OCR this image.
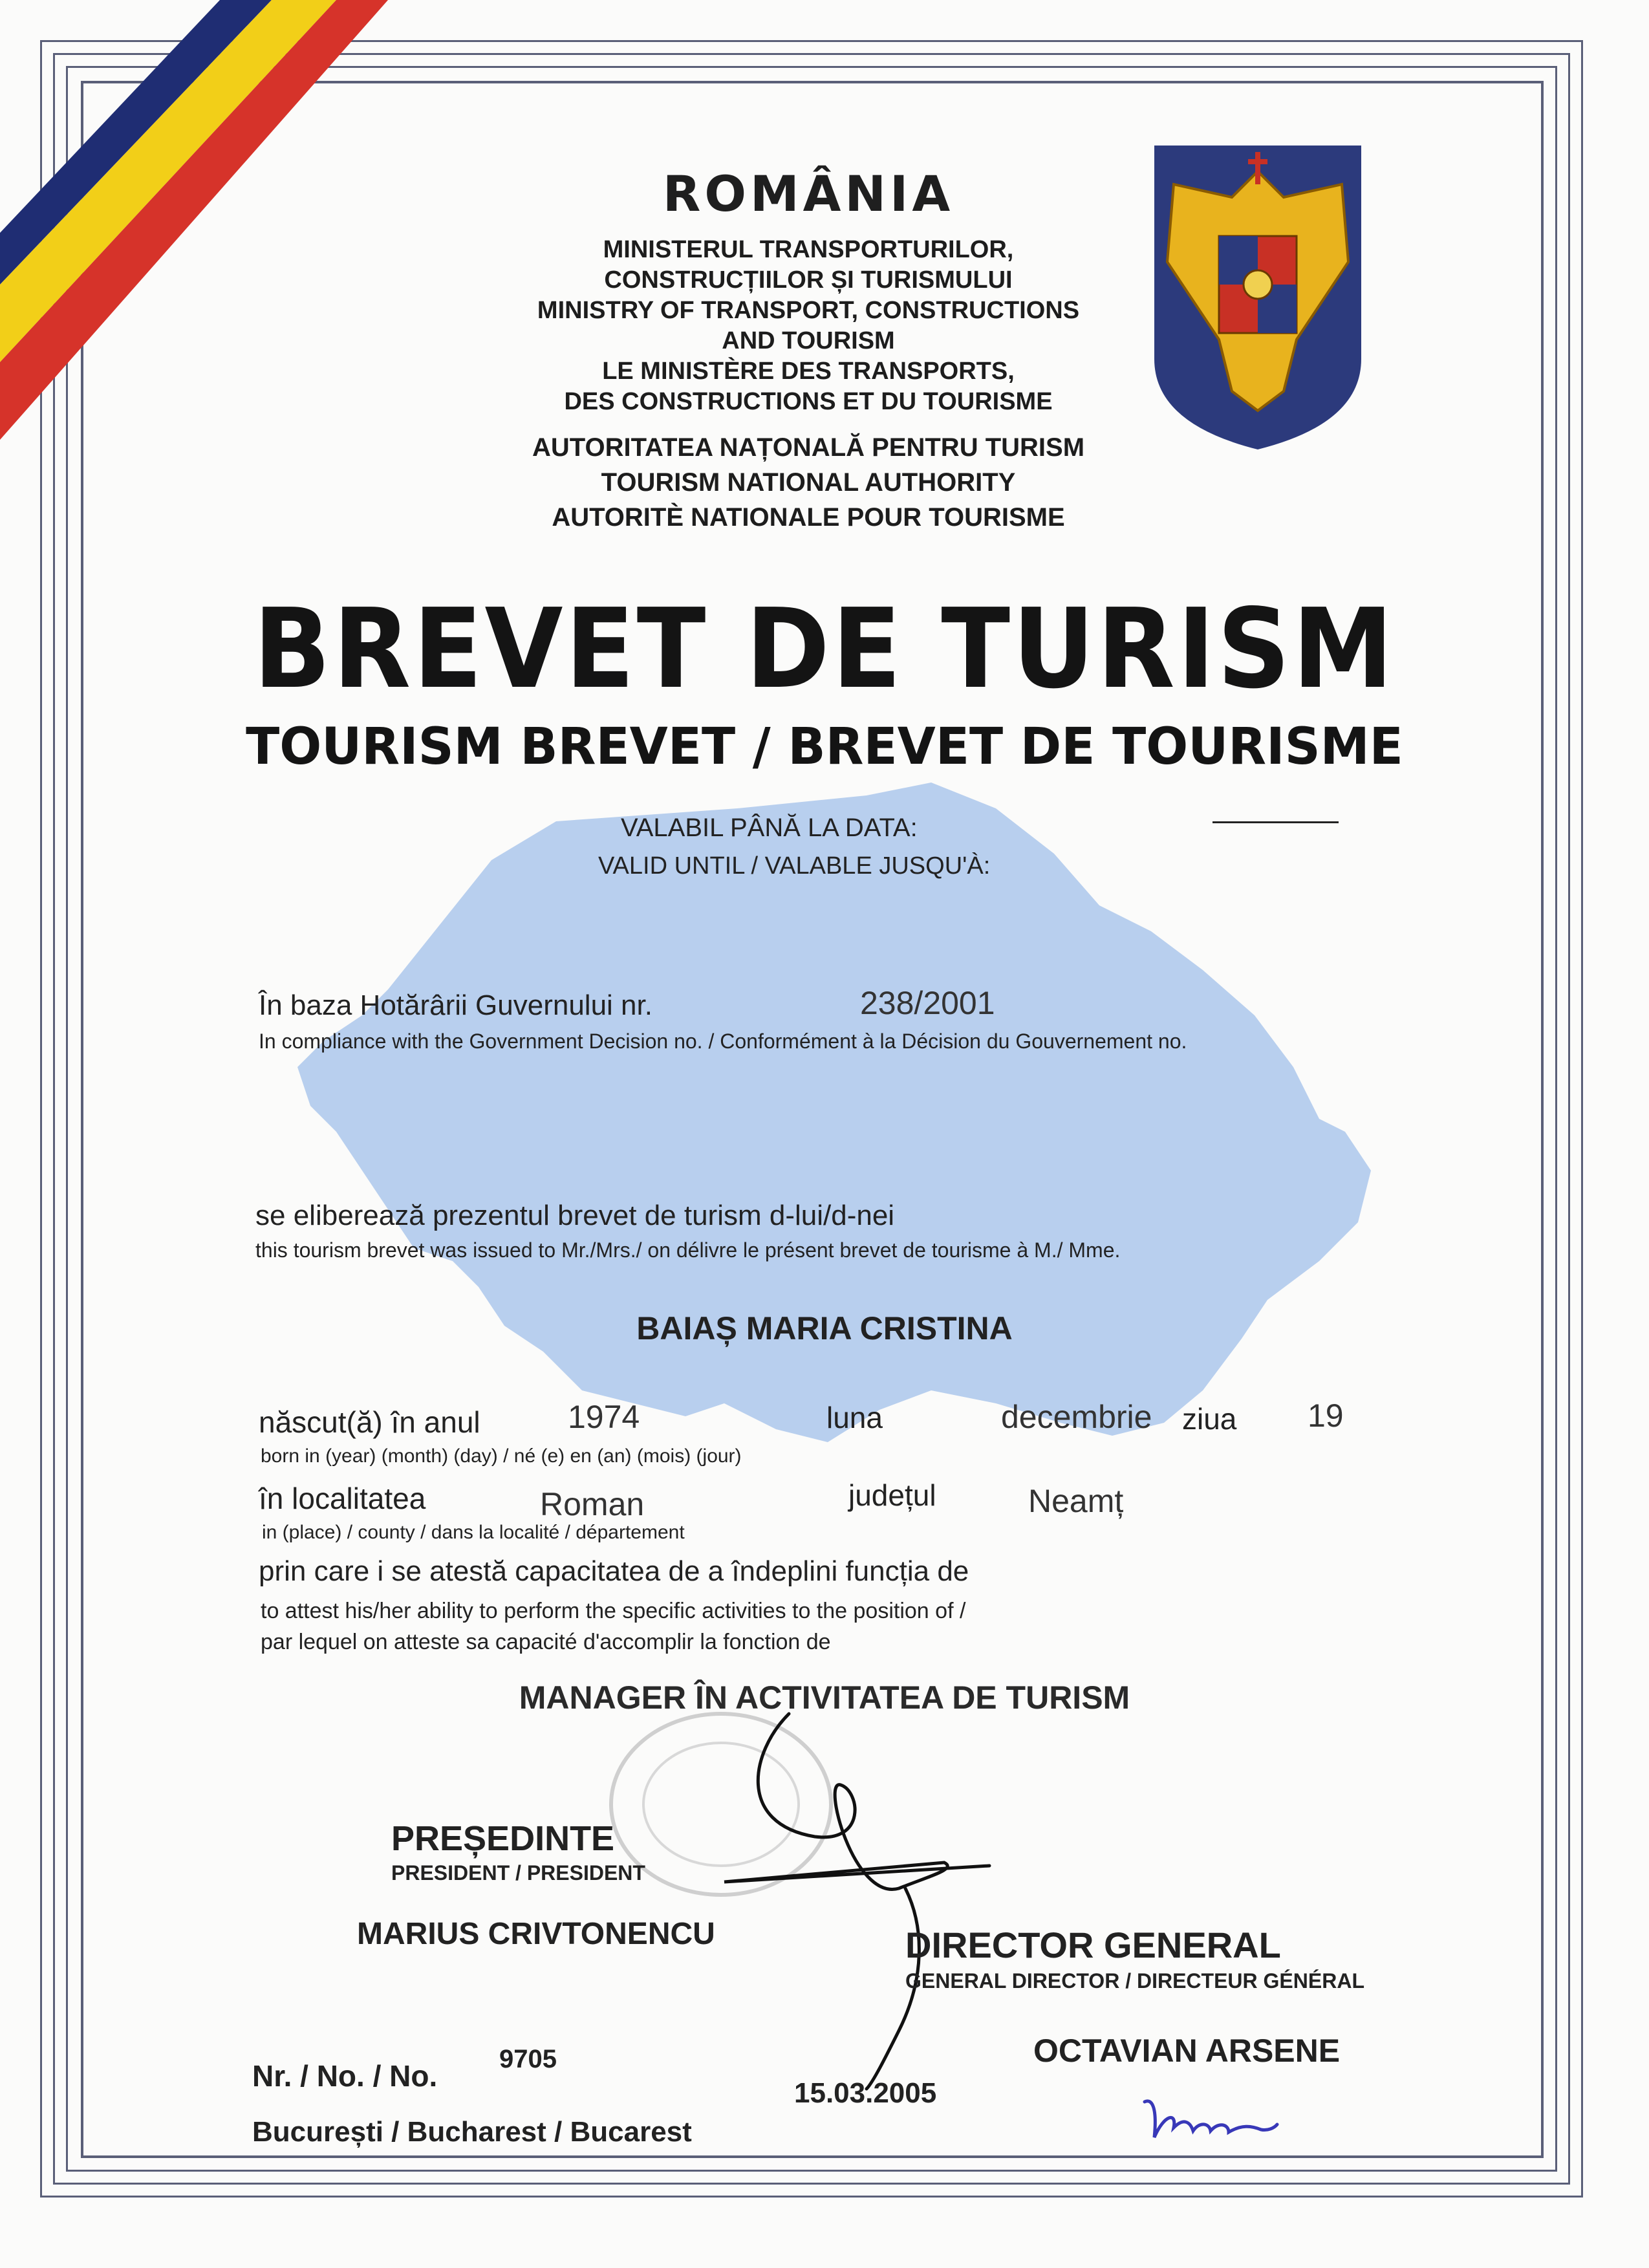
ROMÂNIA
MINISTERUL TRANSPORTURILOR,
CONSTRUCȚIILOR ȘI TURISMULUI
MINISTRY OF TRANSPORT, CONSTRUCTIONS
AND TOURISM
LE MINISTÈRE DES TRANSPORTS,
DES CONSTRUCTIONS ET DU TOURISME
AUTORITATEA NAȚONALĂ PENTRU TURISM
TOURISM NATIONAL AUTHORITY
AUTORITÈ NATIONALE POUR TOURISME
BREVET DE TURISM
TOURISM BREVET / BREVET DE TOURISME
VALABIL PÂNĂ LA DATA:
VALID UNTIL / VALABLE JUSQU'À:
În baza Hotărârii Guvernului nr.	238/2001
In compliance with the Government Decision no. / Conformément à la Décision du Gouvernement no.
se eliberează prezentul brevet de turism d-lui/d-nei
this tourism brevet was issued to Mr./Mrs./ on délivre le présent brevet de tourisme à M./ Mme.
BAIAȘ MARIA CRISTINA
născut(ă) în anul	1974	luna	decembrie ziua 19
born in (year) (month) (day) / né (e) en (an) (mois) (jour)
în localitatea	Roman	județul	Neamț
in (place) / county / dans la localité / département
prin care i se atestă capacitatea de a îndeplini funcția de
to attest his/her ability to perform the specific activities to the position of /
par lequel on atteste sa capacité d'accomplir la fonction de
MANAGER ÎN ACTIVITATEA DE TURISM
PREȘEDINTE
PRESIDENT / PRESIDENT
MARIUS CRIVTONENCU	DIRECTOR GENERAL
GENERAL DIRECTOR / DIRECTEUR GÉNÉRAL
OCTAVIAN ARSENE
Nr. / No. / No. 9705
15.03.2005
București / Bucharest / Bucarest
